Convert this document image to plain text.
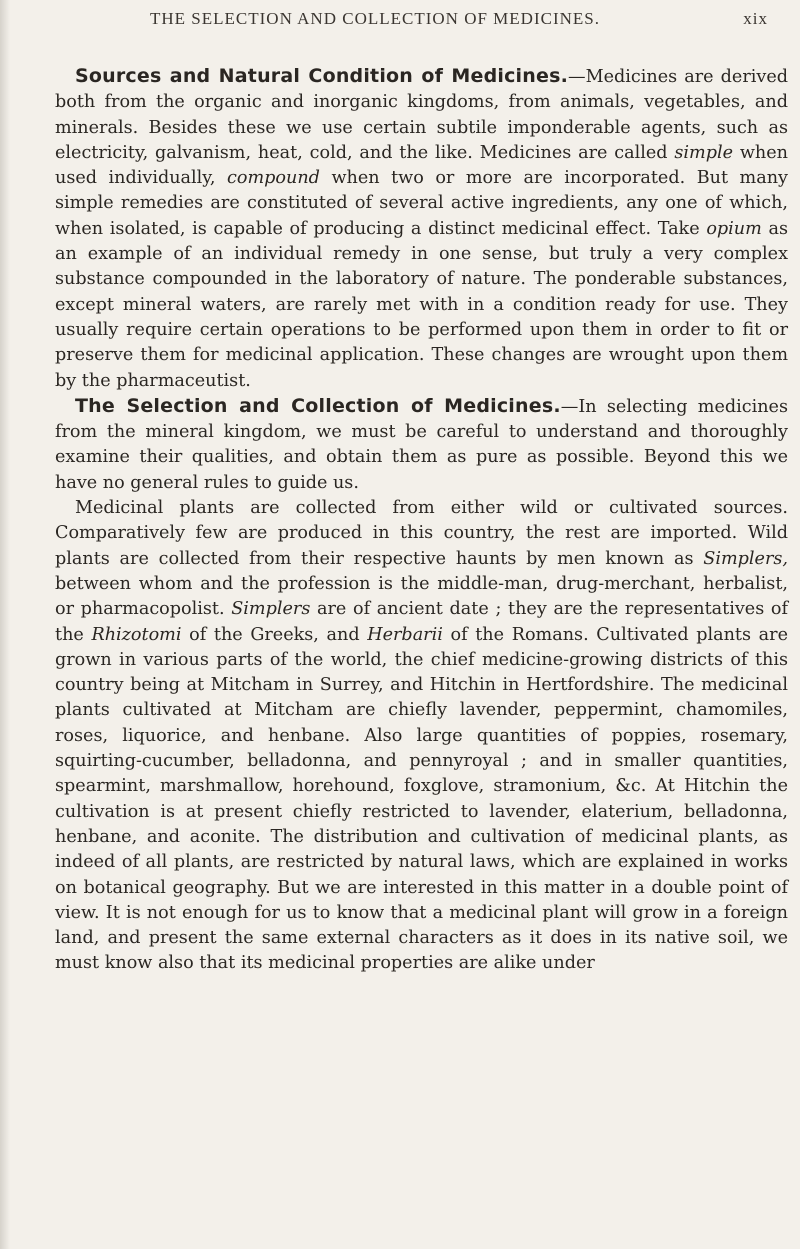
THE SELECTION AND COLLECTION OF MEDICINES.	xix

Sources and Natural Condition of Medicines.—Medicines are derived both from the organic and inorganic kingdoms, from animals, vegetables, and minerals. Besides these we use certain subtile imponderable agents, such as electricity, galvanism, heat, cold, and the like. Medicines are called simple when used individually, compound when two or more are incorporated. But many simple remedies are constituted of several active ingredients, any one of which, when isolated, is capable of producing a distinct medicinal effect. Take opium as an example of an individual remedy in one sense, but truly a very complex substance compounded in the laboratory of nature. The ponderable substances, except mineral waters, are rarely met with in a condition ready for use. They usually require certain operations to be performed upon them in order to fit or preserve them for medicinal application. These changes are wrought upon them by the pharmaceutist.

The Selection and Collection of Medicines.—In selecting medicines from the mineral kingdom, we must be careful to understand and thoroughly examine their qualities, and obtain them as pure as possible. Beyond this we have no general rules to guide us.

Medicinal plants are collected from either wild or cultivated sources. Comparatively few are produced in this country, the rest are imported. Wild plants are collected from their respective haunts by men known as Simplers, between whom and the profession is the middle-man, drug-merchant, herbalist, or pharmacopolist. Simplers are of ancient date ; they are the representatives of the Rhizotomi of the Greeks, and Herbarii of the Romans. Cultivated plants are grown in various parts of the world, the chief medicine-growing districts of this country being at Mitcham in Surrey, and Hitchin in Hertfordshire. The medicinal plants cultivated at Mitcham are chiefly lavender, peppermint, chamomiles, roses, liquorice, and henbane. Also large quantities of poppies, rosemary, squirting-cucumber, belladonna, and pennyroyal ; and in smaller quantities, spearmint, marshmallow, horehound, foxglove, stramonium, &c. At Hitchin the cultivation is at present chiefly restricted to lavender, elaterium, belladonna, henbane, and aconite. The distribution and cultivation of medicinal plants, as indeed of all plants, are restricted by natural laws, which are explained in works on botanical geography. But we are interested in this matter in a double point of view. It is not enough for us to know that a medicinal plant will grow in a foreign land, and present the same external characters as it does in its native soil, we must know also that its medicinal properties are alike under
